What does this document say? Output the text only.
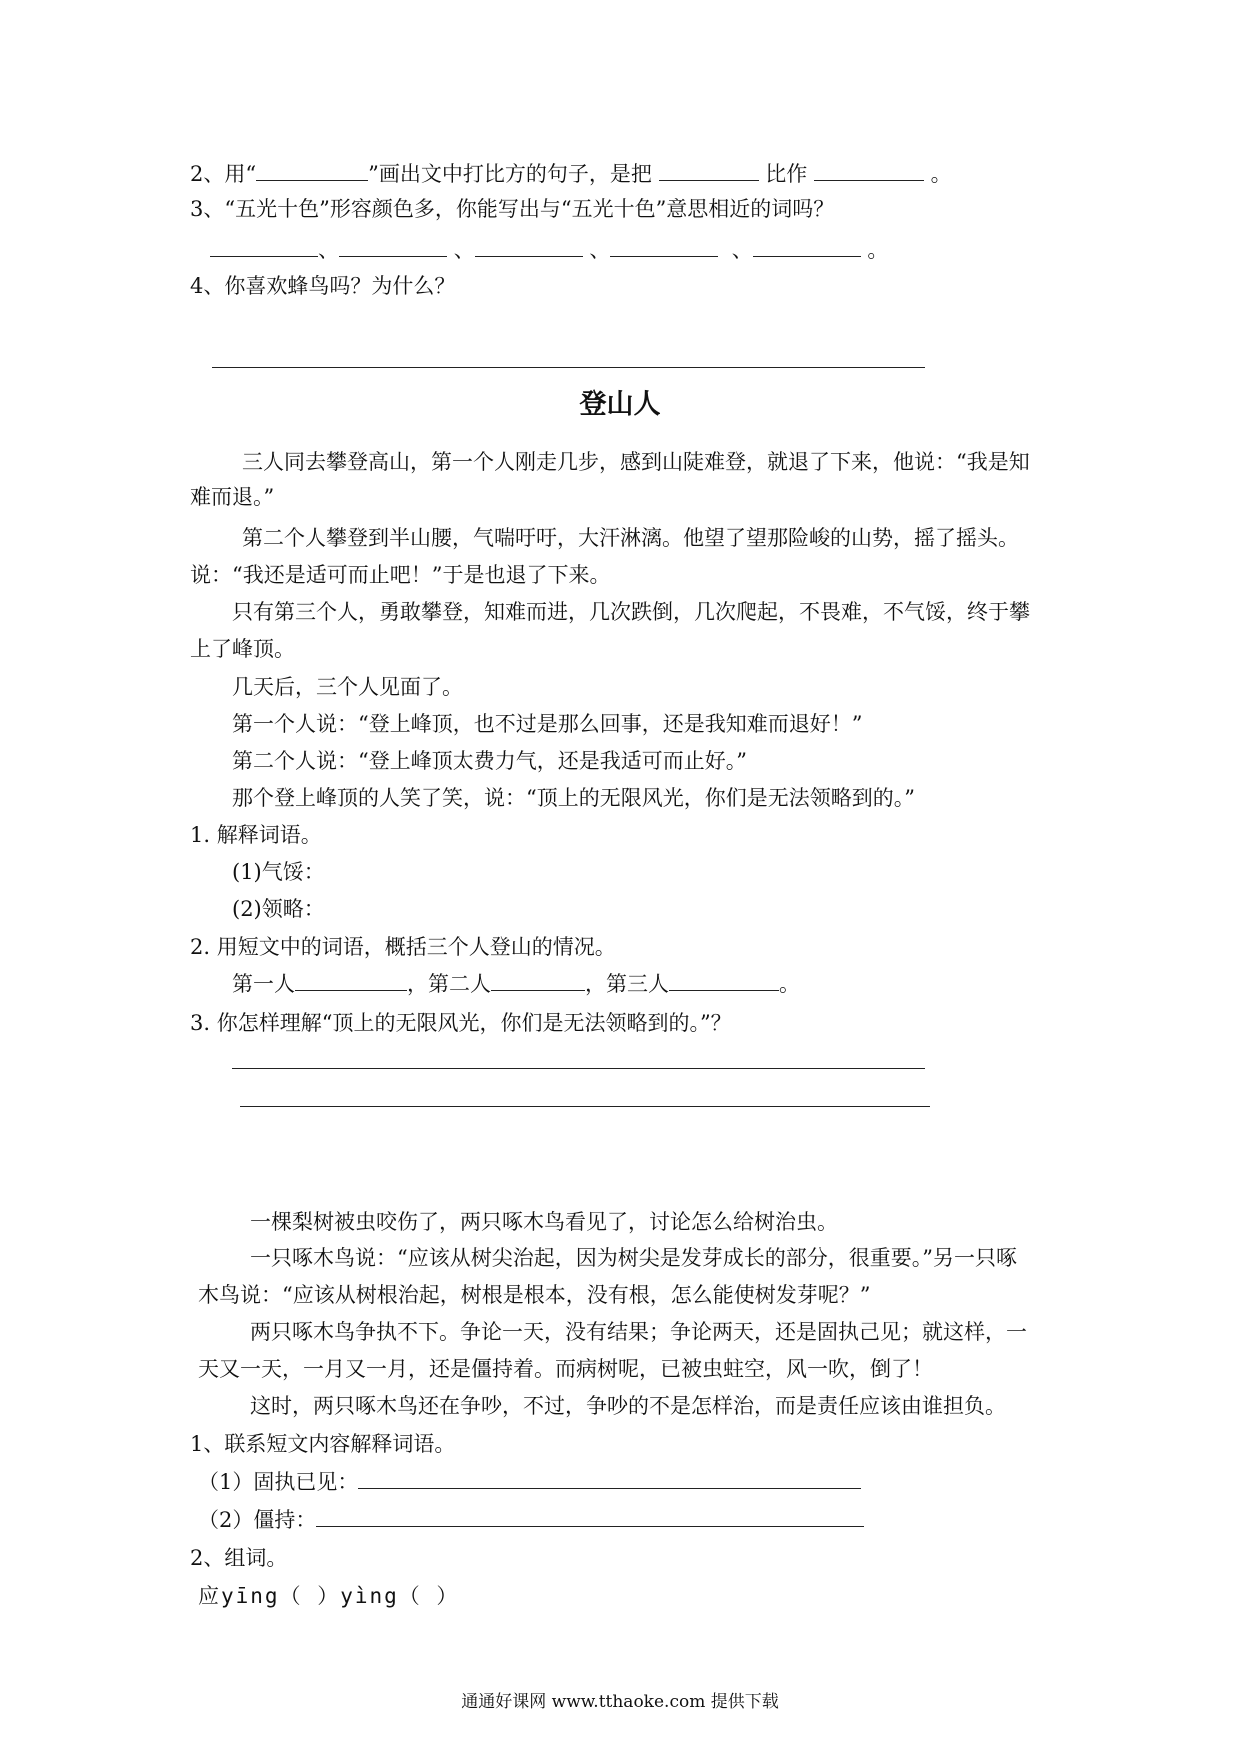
2、用“	”画出文中打比方的句子，是把	比作	。
3、“五光十色”形容颜色多，你能写出与“五光十色”意思相近的词吗？
、	、	、	、	。
4、你喜欢蜂鸟吗？为什么？
登山人
三人同去攀登高山，第一个人刚走几步，感到山陡难登，就退了下来，他说：“我是知
难而退。”
第二个人攀登到半山腰，气喘吁吁，大汗淋漓。他望了望那险峻的山势，摇了摇头。
说：“我还是适可而止吧！”于是也退了下来。
只有第三个人，勇敢攀登，知难而进，几次跌倒，几次爬起，不畏难，不气馁，终于攀
上了峰顶。
几天后，三个人见面了。
第一个人说：“登上峰顶，也不过是那么回事，还是我知难而退好！”
第二个人说：“登上峰顶太费力气，还是我适可而止好。”
那个登上峰顶的人笑了笑，说：“顶上的无限风光，你们是无法领略到的。”
1. 解释词语。
(1)气馁：
(2)领略：
2. 用短文中的词语，概括三个人登山的情况。
第一人	，第二人	，第三人	。
3. 你怎样理解“顶上的无限风光，你们是无法领略到的。”？
一棵梨树被虫咬伤了，两只啄木鸟看见了，讨论怎么给树治虫。
一只啄木鸟说：“应该从树尖治起，因为树尖是发芽成长的部分，很重要。”另一只啄
木鸟说：“应该从树根治起，树根是根本，没有根，怎么能使树发芽呢？”
两只啄木鸟争执不下。争论一天，没有结果；争论两天，还是固执己见；就这样，一
天又一天，一月又一月，还是僵持着。而病树呢，已被虫蛀空，风一吹，倒了！
这时，两只啄木鸟还在争吵，不过，争吵的不是怎样治，而是责任应该由谁担负。
1、联系短文内容解释词语。
（1）固执已见：
（2）僵持：
2、组词。
应yīng（ ）yìng（ ）
通通好课网 www.tthaoke.com 提供下载
